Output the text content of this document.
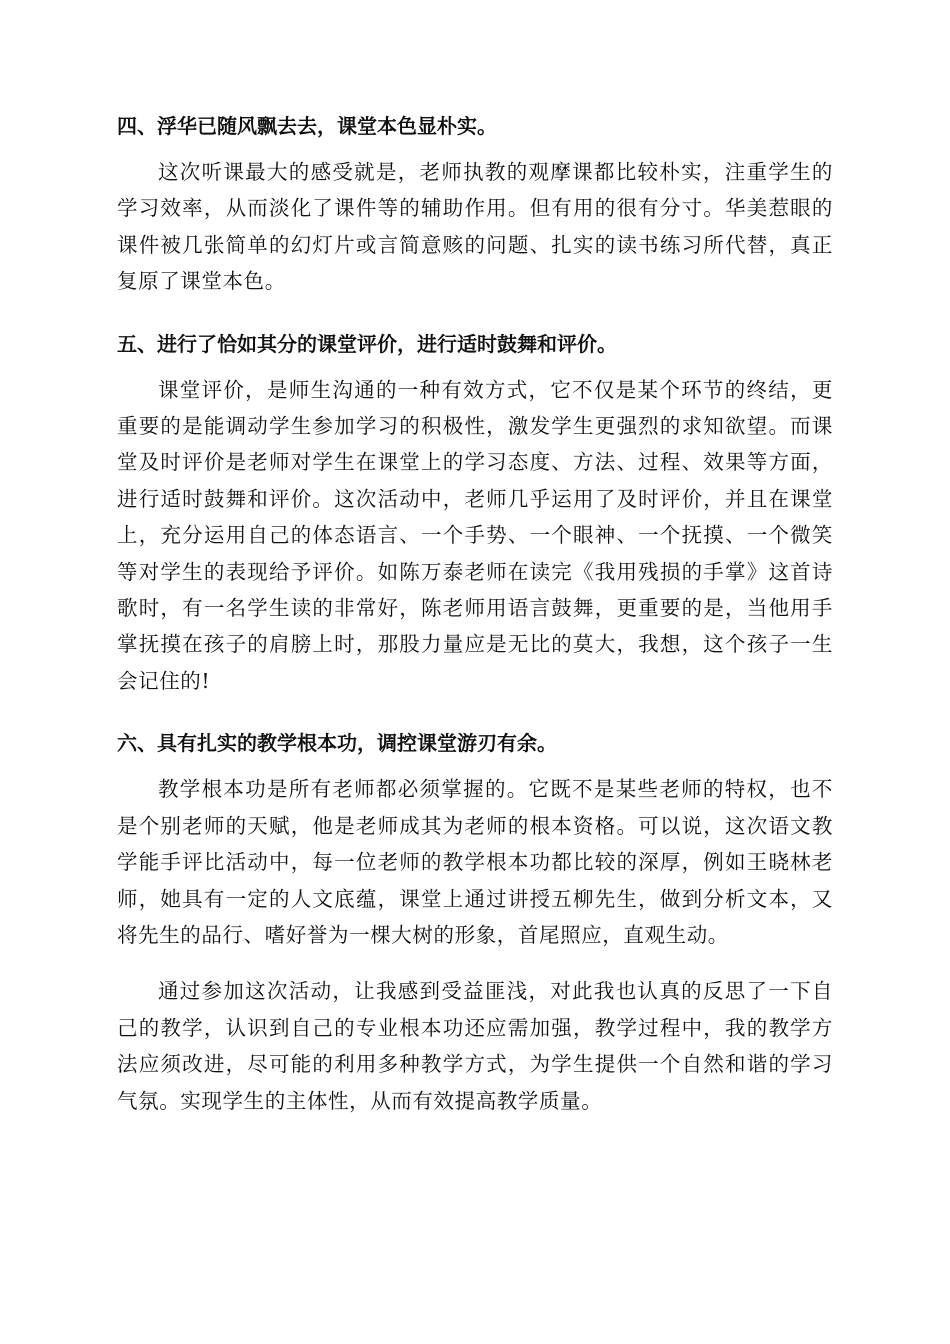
四、浮华已随风飘去去，课堂本色显朴实。

这次听课最大的感受就是，老师执教的观摩课都比较朴实，注重学生的学习效率，从而淡化了课件等的辅助作用。但有用的很有分寸。华美惹眼的课件被几张简单的幻灯片或言简意赅的问题、扎实的读书练习所代替，真正复原了课堂本色。

五、进行了恰如其分的课堂评价，进行适时鼓舞和评价。

课堂评价，是师生沟通的一种有效方式，它不仅是某个环节的终结，更重要的是能调动学生参加学习的积极性，激发学生更强烈的求知欲望。而课堂及时评价是老师对学生在课堂上的学习态度、方法、过程、效果等方面，进行适时鼓舞和评价。这次活动中，老师几乎运用了及时评价，并且在课堂上，充分运用自己的体态语言、一个手势、一个眼神、一个抚摸、一个微笑等对学生的表现给予评价。如陈万泰老师在读完《我用残损的手掌》这首诗歌时，有一名学生读的非常好，陈老师用语言鼓舞，更重要的是，当他用手掌抚摸在孩子的肩膀上时，那股力量应是无比的莫大，我想，这个孩子一生会记住的!

六、具有扎实的教学根本功，调控课堂游刃有余。

教学根本功是所有老师都必须掌握的。它既不是某些老师的特权，也不是个别老师的天赋，他是老师成其为老师的根本资格。可以说，这次语文教学能手评比活动中，每一位老师的教学根本功都比较的深厚，例如王晓林老师，她具有一定的人文底蕴，课堂上通过讲授五柳先生，做到分析文本，又将先生的品行、嗜好誉为一棵大树的形象，首尾照应，直观生动。

通过参加这次活动，让我感到受益匪浅，对此我也认真的反思了一下自己的教学，认识到自己的专业根本功还应需加强，教学过程中，我的教学方法应须改进，尽可能的利用多种教学方式，为学生提供一个自然和谐的学习气氛。实现学生的主体性，从而有效提高教学质量。
